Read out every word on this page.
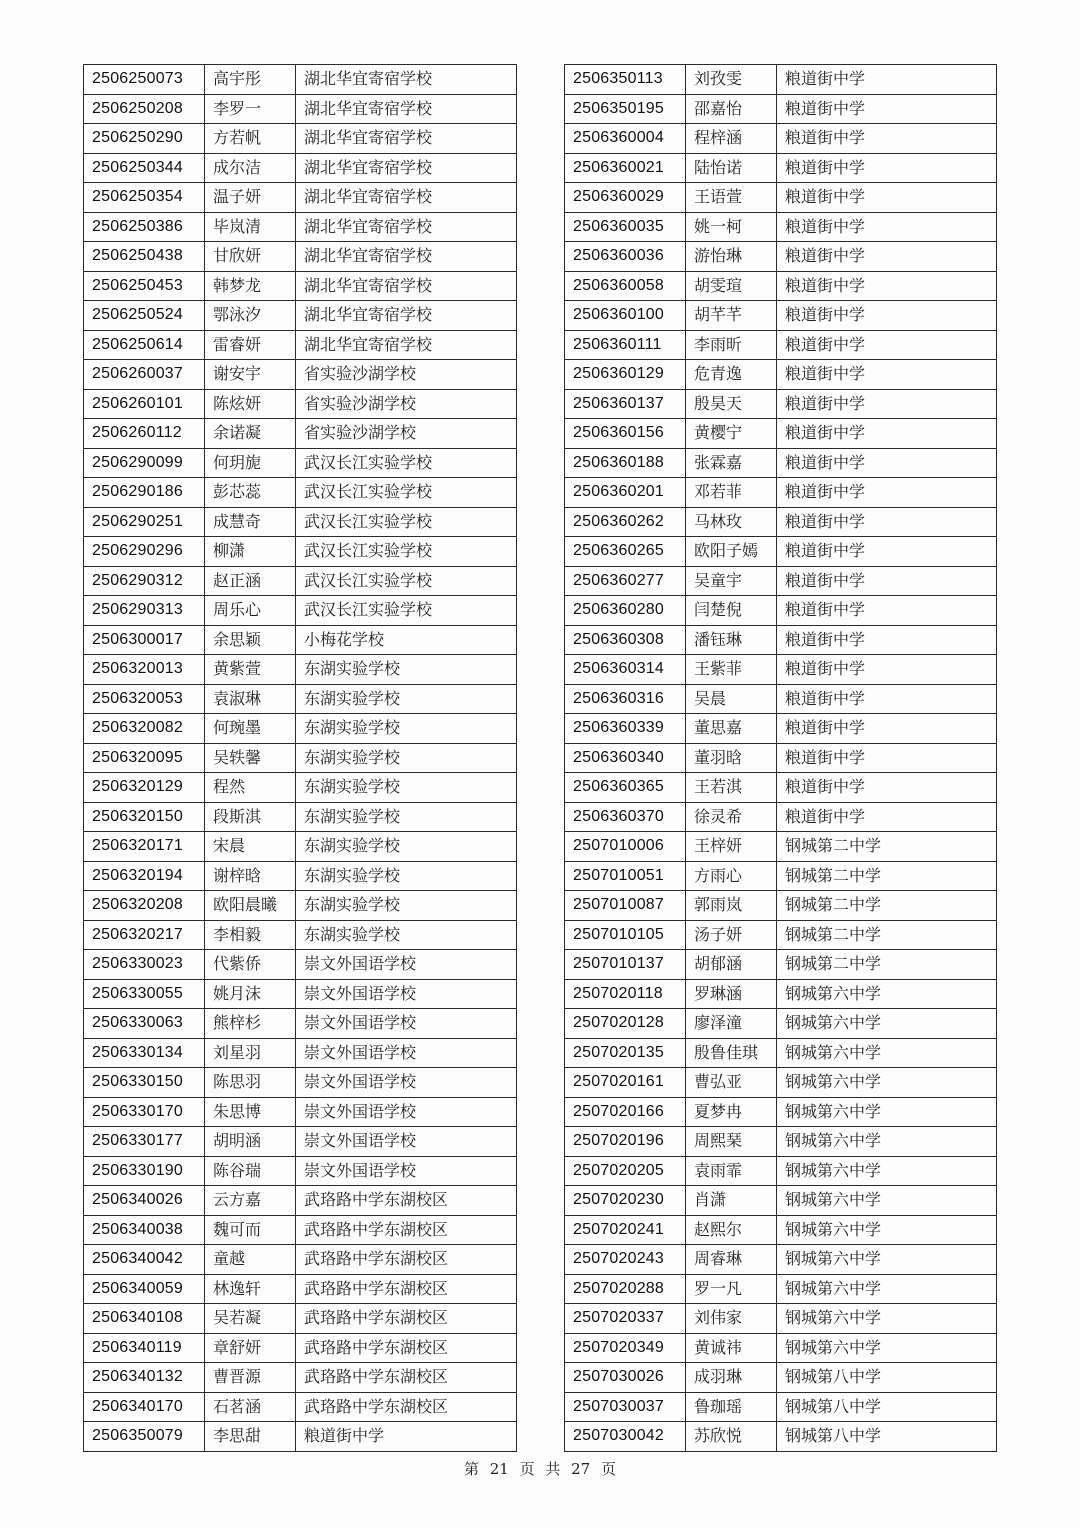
2506250073	高宇彤	湖北华宜寄宿学校
2506250208	李罗一	湖北华宜寄宿学校
2506250290	方若帆	湖北华宜寄宿学校
2506250344	成尔洁	湖北华宜寄宿学校
2506250354	温子妍	湖北华宜寄宿学校
2506250386	毕岚清	湖北华宜寄宿学校
2506250438	甘欣妍	湖北华宜寄宿学校
2506250453	韩梦龙	湖北华宜寄宿学校
2506250524	鄂泳汐	湖北华宜寄宿学校
2506250614	雷睿妍	湖北华宜寄宿学校
2506260037	谢安宇	省实验沙湖学校
2506260101	陈炫妍	省实验沙湖学校
2506260112	余诺凝	省实验沙湖学校
2506290099	何玥旎	武汉长江实验学校
2506290186	彭芯蕊	武汉长江实验学校
2506290251	成慧奇	武汉长江实验学校
2506290296	柳潇	武汉长江实验学校
2506290312	赵正涵	武汉长江实验学校
2506290313	周乐心	武汉长江实验学校
2506300017	余思颖	小梅花学校
2506320013	黄紫萱	东湖实验学校
2506320053	袁淑琳	东湖实验学校
2506320082	何琬墨	东湖实验学校
2506320095	吴轶馨	东湖实验学校
2506320129	程然	东湖实验学校
2506320150	段斯淇	东湖实验学校
2506320171	宋晨	东湖实验学校
2506320194	谢梓晗	东湖实验学校
2506320208	欧阳晨曦	东湖实验学校
2506320217	李相毅	东湖实验学校
2506330023	代紫侨	崇文外国语学校
2506330055	姚月沫	崇文外国语学校
2506330063	熊梓杉	崇文外国语学校
2506330134	刘星羽	崇文外国语学校
2506330150	陈思羽	崇文外国语学校
2506330170	朱思博	崇文外国语学校
2506330177	胡明涵	崇文外国语学校
2506330190	陈谷瑞	崇文外国语学校
2506340026	云方嘉	武珞路中学东湖校区
2506340038	魏可而	武珞路中学东湖校区
2506340042	童越	武珞路中学东湖校区
2506340059	林逸轩	武珞路中学东湖校区
2506340108	吴若凝	武珞路中学东湖校区
2506340119	章舒妍	武珞路中学东湖校区
2506340132	曹晋源	武珞路中学东湖校区
2506340170	石茗涵	武珞路中学东湖校区
2506350079	李思甜	粮道街中学
2506350113	刘孜雯	粮道街中学
2506350195	邵嘉怡	粮道街中学
2506360004	程梓涵	粮道街中学
2506360021	陆怡诺	粮道街中学
2506360029	王语萱	粮道街中学
2506360035	姚一柯	粮道街中学
2506360036	游怡琳	粮道街中学
2506360058	胡雯瑄	粮道街中学
2506360100	胡芊芊	粮道街中学
2506360111	李雨昕	粮道街中学
2506360129	危青逸	粮道街中学
2506360137	殷昊天	粮道街中学
2506360156	黄樱宁	粮道街中学
2506360188	张霖嘉	粮道街中学
2506360201	邓若菲	粮道街中学
2506360262	马林玫	粮道街中学
2506360265	欧阳子嫣	粮道街中学
2506360277	吴童宇	粮道街中学
2506360280	闫楚倪	粮道街中学
2506360308	潘钰琳	粮道街中学
2506360314	王紫菲	粮道街中学
2506360316	吴晨	粮道街中学
2506360339	董思嘉	粮道街中学
2506360340	董羽晗	粮道街中学
2506360365	王若淇	粮道街中学
2506360370	徐灵希	粮道街中学
2507010006	王梓妍	钢城第二中学
2507010051	方雨心	钢城第二中学
2507010087	郭雨岚	钢城第二中学
2507010105	汤子妍	钢城第二中学
2507010137	胡郁涵	钢城第二中学
2507020118	罗琳涵	钢城第六中学
2507020128	廖泽潼	钢城第六中学
2507020135	殷鲁佳琪	钢城第六中学
2507020161	曹弘亚	钢城第六中学
2507020166	夏梦冉	钢城第六中学
2507020196	周熙琹	钢城第六中学
2507020205	袁雨霏	钢城第六中学
2507020230	肖潇	钢城第六中学
2507020241	赵熙尔	钢城第六中学
2507020243	周睿琳	钢城第六中学
2507020288	罗一凡	钢城第六中学
2507020337	刘伟家	钢城第六中学
2507020349	黄诚祎	钢城第六中学
2507030026	成羽琳	钢城第八中学
2507030037	鲁珈瑶	钢城第八中学
2507030042	苏欣悦	钢城第八中学
第 21 页 共 27 页
